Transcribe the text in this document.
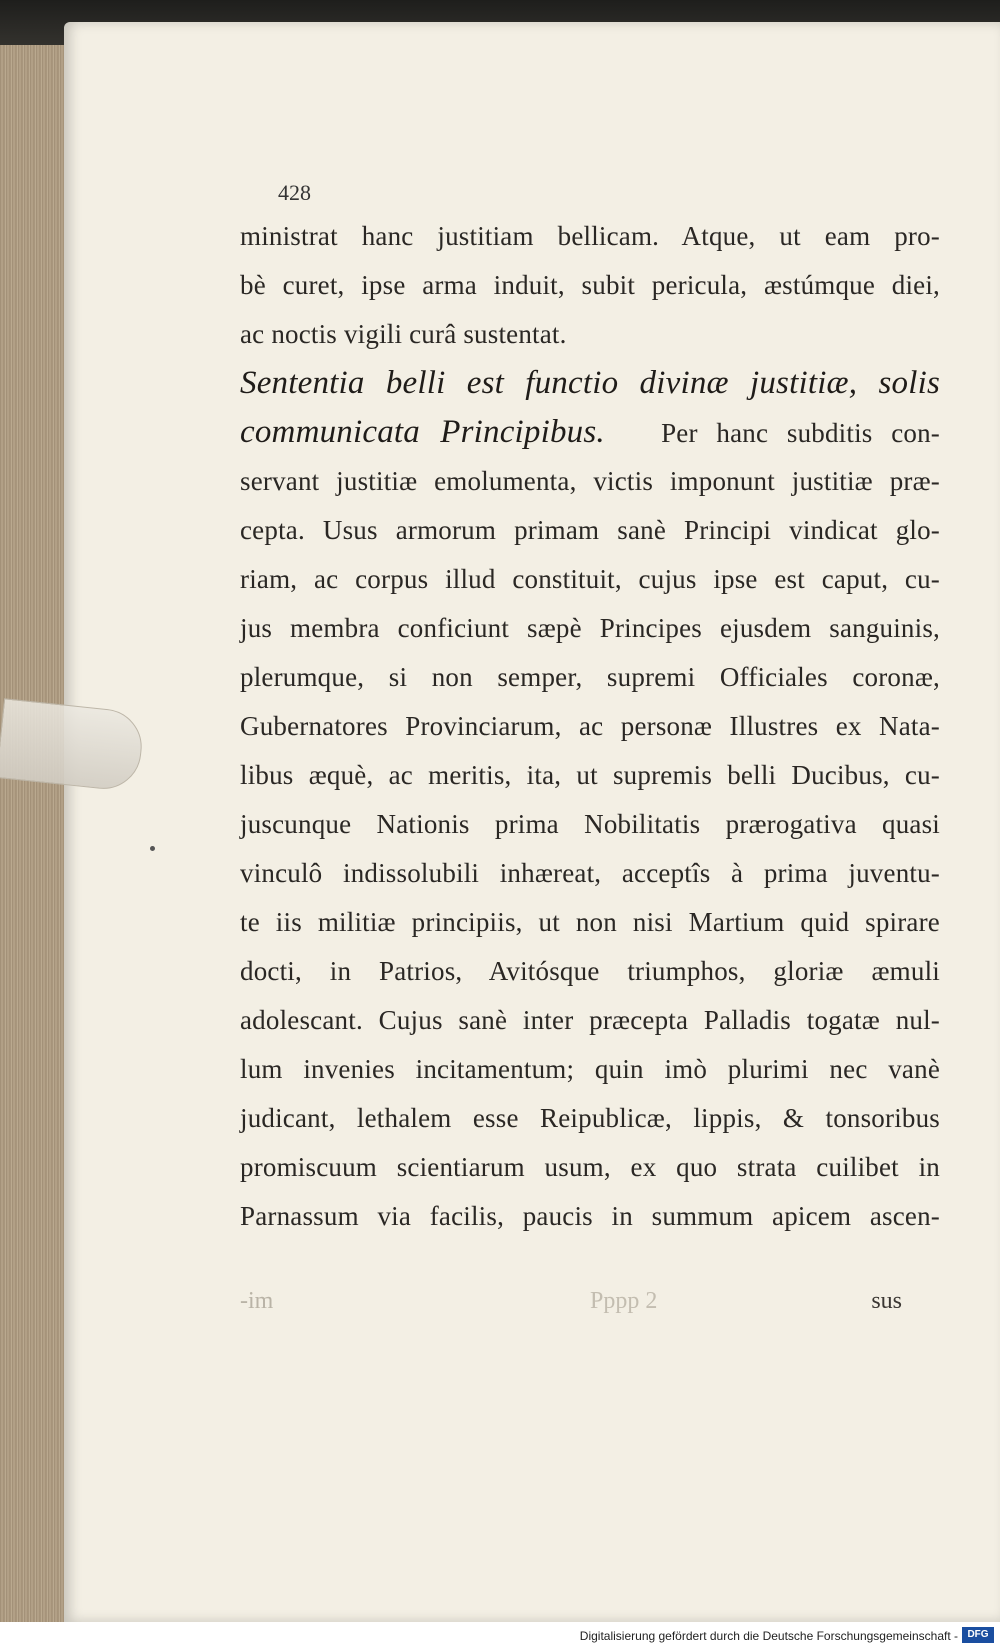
428
ministrat hanc justitiam bellicam. Atque, ut eam pro-
bè curet, ipse arma induit, subit pericula, æstúmque diei,
ac noctis vigili curâ sustentat.
Sententia belli est functio divinæ justitiæ, solis
communicata Principibus. Per hanc subditis con-
servant justitiæ emolumenta, victis imponunt justitiæ præ-
cepta. Usus armorum primam sanè Principi vindicat glo-
riam, ac corpus illud constituit, cujus ipse est caput, cu-
jus membra conficiunt sæpè Principes ejusdem sanguinis,
plerumque, si non semper, supremi Officiales coronæ,
Gubernatores Provinciarum, ac personæ Illustres ex Nata-
libus æquè, ac meritis, ita, ut supremis belli Ducibus, cu-
juscunque Nationis prima Nobilitatis prærogativa quasi
vinculô indissolubili inhæreat, acceptîs à prima juventu-
te iis militiæ principiis, ut non nisi Martium quid spirare
docti, in Patrios, Avitósque triumphos, gloriæ æmuli
adolescant. Cujus sanè inter præcepta Palladis togatæ nul-
lum invenies incitamentum; quin imò plurimi nec vanè
judicant, lethalem esse Reipublicæ, lippis, & tonsoribus
promiscuum scientiarum usum, ex quo strata cuilibet in
Parnassum via facilis, paucis in summum apicem ascen-
-im	Pppp 2	sus
Digitalisierung gefördert durch die Deutsche Forschungsgemeinschaft - DFG
